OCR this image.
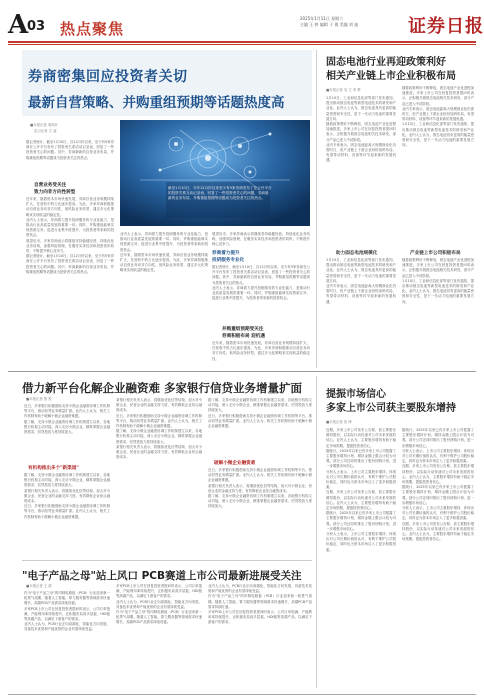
A
03 热点聚焦
2025年1月11日 星期六
主编 王 婷 编辑 于 倩 美编 刘 迪	证券日报
券商密集回应投资者关切
最新自营策略、并购重组预期等话题热度高
■本报记者 周尚仔
见习记者 方 凌

据记者统计，截至1月10日，自12月份以来，至少有5家券商在公开平台发布了投资者关系活动记录表，回复了一些投资者关心的问题。其中，券商最新的自营业务布局、并购重组预期等话题成为投资者关注的热点。

自营业务受关注
致力向非方向性转型

近年来，随着资本市场快速发展，券商自营业务规模持续扩大，在营收中的占比逐步提高。为此，多家券商积极推动自营业务向非方向性、低风险业务转型，通过多元化策略来实现收益的稳定性。

业内人士表示，券商着力提升投研服务的专业化能力，是推动行业高质量发展的重要一环。同时，并购重组能够实现资源互补，促进行业集中度提升，为投资者带来新的投资机会。

展望后市，多家券商表示将继续坚持稳健经营，持续优化业务结构，加强风险管理，在服务实体经济和投资者的同时，不断提升核心竞争力。

据记者统计，截至1月10日，自12月份以来，至少有5家券商在公开平台发布了投资者关系活动记录表，回复了一些投资者关心的问题。其中，券商最新的自营业务布局、并购重组预期等话题成为投资者关注的热点。

截至1月10日，今年12月份以来至少有5家券商发布了在公开平台的投资关系互动记录表，回复了一些投资者关心的问题，券商最新的业务布局、并购重组预期等话题成为投资者关注的热点。

业内人士表示，券商着力提升投研服务的专业化能力，是推动行业高质量发展的重要一环。同时，并购重组能够实现资源互补，促进行业集中度提升，为投资者带来新的投资机会。

近年来，随着资本市场快速发展，券商自营业务规模持续扩大，在营收中的占比逐步提高。为此，多家券商积极推动自营业务向非方向性、低风险业务转型，通过多元化策略来实现收益的稳定性。

券商着力提升
投研服务专业化

展望后市，多家券商表示将继续坚持稳健经营，持续优化业务结构，加强风险管理，在服务实体经济和投资者的同时，不断提升核心竞争力。

据记者统计，截至1月10日，自12月份以来，至少有5家券商在公开平台发布了投资者关系活动记录表，回复了一些投资者关心的问题。其中，券商最新的自营业务布局、并购重组预期等话题成为投资者关注的热点。

业内人士表示，券商着力提升投研服务的专业化能力，是推动行业高质量发展的重要一环。同时，并购重组能够实现资源互补，促进行业集中度提升，为投资者带来新的投资机会。

并购重组预期受关注
券商积极布局 迎机遇

近年来，随着资本市场快速发展，券商自营业务规模持续扩大，在营收中的占比逐步提高。为此，多家券商积极推动自营业务向非方向性、低风险业务转型，通过多元化策略来实现收益的稳定性。

固态电池行业再迎政策利好
相关产业链上市企业积极布局
■本报记者 吴 文 李 梦

1月10日，工业和信息化部等部门发布通知，提出推动固态电池等新型电池技术的研发和产业化。业内人士认为，固态电池具有更高的能量密度和安全性，是下一代动力电池的重要发展方向。

随着政策利好不断释放，固态电池产业化进程加速推进。多家上市公司在回复投资者提问时表示，正积极开展固态电池相关技术研发，部分产品已进入中试阶段。

业内专家表示，固态电池距离大规模商业化仍需时日，但产业链上下游企业纷纷加码布局，有望带动材料、设备等环节迎来新的发展机遇。

随着政策利好不断释放，固态电池产业化进程加速推进。多家上市公司在回复投资者提问时表示，正积极开展固态电池相关技术研发，部分产品已进入中试阶段。

业内专家表示，固态电池距离大规模商业化仍需时日，但产业链上下游企业纷纷加码布局，有望带动材料、设备等环节迎来新的发展机遇。

1月10日，工业和信息化部等部门发布通知，提出推动固态电池等新型电池技术的研发和产业化。业内人士认为，固态电池具有更高的能量密度和安全性，是下一代动力电池的重要发展方向。

助力固态电池规模化

1月10日，工业和信息化部等部门发布通知，提出推动固态电池等新型电池技术的研发和产业化。业内人士认为，固态电池具有更高的能量密度和安全性，是下一代动力电池的重要发展方向。

业内专家表示，固态电池距离大规模商业化仍需时日，但产业链上下游企业纷纷加码布局，有望带动材料、设备等环节迎来新的发展机遇。

产业链上市公司积极布局

随着政策利好不断释放，固态电池产业化进程加速推进。多家上市公司在回复投资者提问时表示，正积极开展固态电池相关技术研发，部分产品已进入中试阶段。

1月10日，工业和信息化部等部门发布通知，提出推动固态电池等新型电池技术的研发和产业化。业内人士认为，固态电池具有更高的能量密度和安全性，是下一代动力电池的重要发展方向。

借力新平台化解企业融资难 多家银行信贷业务增量扩面
■本报记者 熊 悦

近日，多家银行积极借助支持小微企业融资协调工作机制等平台，推动信贷业务增量扩面。业内人士认为，相关工作机制有助于破解小微企业融资难题。

据了解，支持小微企业融资协调工作机制建立以来，各地银行机构主动对接，深入走访小微企业，精准掌握企业融资需求，信贷投放力度持续加大。

有机构推出多个"新渠道"

据了解，支持小微企业融资协调工作机制建立以来，各地银行机构主动对接，深入走访小微企业，精准掌握企业融资需求，信贷投放力度持续加大。

某银行相关负责人表示，将继续优化信贷结构，加大对小微企业、民营企业的金融支持力度，有效降低企业综合融资成本。

近日，多家银行积极借助支持小微企业融资协调工作机制等平台，推动信贷业务增量扩面。业内人士认为，相关工作机制有助于破解小微企业融资难题。

某银行相关负责人表示，将继续优化信贷结构，加大对小微企业、民营企业的金融支持力度，有效降低企业综合融资成本。

近日，多家银行积极借助支持小微企业融资协调工作机制等平台，推动信贷业务增量扩面。业内人士认为，相关工作机制有助于破解小微企业融资难题。

据了解，支持小微企业融资协调工作机制建立以来，各地银行机构主动对接，深入走访小微企业，精准掌握企业融资需求，信贷投放力度持续加大。

某银行相关负责人表示，将继续优化信贷结构，加大对小微企业、民营企业的金融支持力度，有效降低企业综合融资成本。

破解小微企业融资难

据了解，支持小微企业融资协调工作机制建立以来，各地银行机构主动对接，深入走访小微企业，精准掌握企业融资需求，信贷投放力度持续加大。

近日，多家银行积极借助支持小微企业融资协调工作机制等平台，推动信贷业务增量扩面。业内人士认为，相关工作机制有助于破解小微企业融资难题。

近日，多家银行积极借助支持小微企业融资协调工作机制等平台，推动信贷业务增量扩面。业内人士认为，相关工作机制有助于破解小微企业融资难题。

某银行相关负责人表示，将继续优化信贷结构，加大对小微企业、民营企业的金融支持力度，有效降低企业综合融资成本。

据了解，支持小微企业融资协调工作机制建立以来，各地银行机构主动对接，深入走访小微企业，精准掌握企业融资需求，信贷投放力度持续加大。

提振市场信心
多家上市公司获主要股东增持
■本报记者 张 博

近期，多家上市公司发布公告称，获主要股东增持股份，以实际行动传递对公司未来发展的信心。业内人士认为，主要股东增持有助于稳定市场预期，提振投资者信心。

据统计，2025年以来已有多家上市公司披露了主要股东增持计划，增持金额上限合计较为可观。部分公司还同时推出了股份回购计划，进一步增强市场信心。

分析人士表示，上市公司主要股东增持，体现出对公司长期价值的认可，有利于维护公司股价稳定，同时也为资本市场注入了更多积极因素。

近期，多家上市公司发布公告称，获主要股东增持股份，以实际行动传递对公司未来发展的信心。业内人士认为，主要股东增持有助于稳定市场预期，提振投资者信心。

据统计，2025年以来已有多家上市公司披露了主要股东增持计划，增持金额上限合计较为可观。部分公司还同时推出了股份回购计划，进一步增强市场信心。

分析人士表示，上市公司主要股东增持，体现出对公司长期价值的认可，有利于维护公司股价稳定，同时也为资本市场注入了更多积极因素。

据统计，2025年以来已有多家上市公司披露了主要股东增持计划，增持金额上限合计较为可观。部分公司还同时推出了股份回购计划，进一步增强市场信心。

分析人士表示，上市公司主要股东增持，体现出对公司长期价值的认可，有利于维护公司股价稳定，同时也为资本市场注入了更多积极因素。

近期，多家上市公司发布公告称，获主要股东增持股份，以实际行动传递对公司未来发展的信心。业内人士认为，主要股东增持有助于稳定市场预期，提振投资者信心。

据统计，2025年以来已有多家上市公司披露了主要股东增持计划，增持金额上限合计较为可观。部分公司还同时推出了股份回购计划，进一步增强市场信心。

分析人士表示，上市公司主要股东增持，体现出对公司长期价值的认可，有利于维护公司股价稳定，同时也为资本市场注入了更多积极因素。

近期，多家上市公司发布公告称，获主要股东增持股份，以实际行动传递对公司未来发展的信心。业内人士认为，主要股东增持有助于稳定市场预期，提振投资者信心。

"电子产品之母"站上风口 PCB赛道上市公司最新进展受关注
■本报记者 王 僖

作为"电子产品之母"的印制电路板（PCB）行业迎来新一轮景气周期。随着人工智能、算力服务器等领域需求快速增长，高端PCB产品需求持续旺盛。

多家PCB上市公司在回复投资者提问时表示，公司订单饱满，产能利用率持续提升，正积极布局高多层板、HDI板等高端产品，以满足下游客户的需求。

业内人士认为，PCB行业正向高端化、智能化方向发展，具备技术优势和产能优势的企业有望持续受益。

多家PCB上市公司在回复投资者提问时表示，公司订单饱满，产能利用率持续提升，正积极布局高多层板、HDI板等高端产品，以满足下游客户的需求。

业内人士认为，PCB行业正向高端化、智能化方向发展，具备技术优势和产能优势的企业有望持续受益。

作为"电子产品之母"的印制电路板（PCB）行业迎来新一轮景气周期。随着人工智能、算力服务器等领域需求快速增长，高端PCB产品需求持续旺盛。

业内人士认为，PCB行业正向高端化、智能化方向发展，具备技术优势和产能优势的企业有望持续受益。

作为"电子产品之母"的印制电路板（PCB）行业迎来新一轮景气周期。随着人工智能、算力服务器等领域需求快速增长，高端PCB产品需求持续旺盛。

多家PCB上市公司在回复投资者提问时表示，公司订单饱满，产能利用率持续提升，正积极布局高多层板、HDI板等高端产品，以满足下游客户的需求。
